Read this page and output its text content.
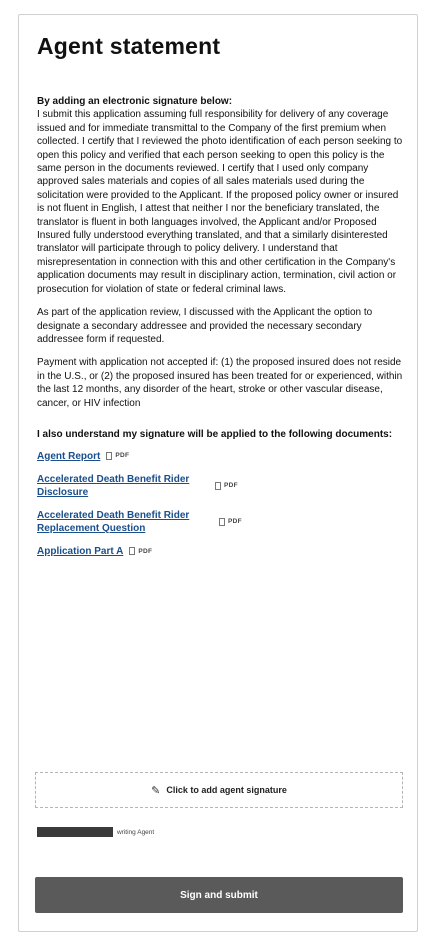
Agent statement
By adding an electronic signature below:
I submit this application assuming full responsibility for delivery of any coverage issued and for immediate transmittal to the Company of the first premium when collected. I certify that I reviewed the photo identification of each person seeking to open this policy and verified that each person seeking to open this policy is the same person in the documents reviewed. I certify that I used only company approved sales materials and copies of all sales materials used during the solicitation were provided to the Applicant. If the proposed policy owner or insured is not fluent in English, I attest that neither I nor the beneficiary translated, the translator is fluent in both languages involved, the Applicant and/or Proposed Insured fully understood everything translated, and that a similarly disinterested translator will participate through to policy delivery. I understand that misrepresentation in connection with this and other certification in the Company's application documents may result in disciplinary action, termination, civil action or prosecution for violation of state or federal criminal laws.
As part of the application review, I discussed with the Applicant the option to designate a secondary addressee and provided the necessary secondary addressee form if requested.
Payment with application not accepted if: (1) the proposed insured does not reside in the U.S., or (2) the proposed insured has been treated for or experienced, within the last 12 months, any disorder of the heart, stroke or other vascular disease, cancer, or HIV infection
I also understand my signature will be applied to the following documents:
Agent Report PDF
Accelerated Death Benefit Rider Disclosure
PDF
Accelerated Death Benefit Rider Replacement Question
PDF
Application Part A PDF
✎ Click to add agent signature
writing Agent
Sign and submit
